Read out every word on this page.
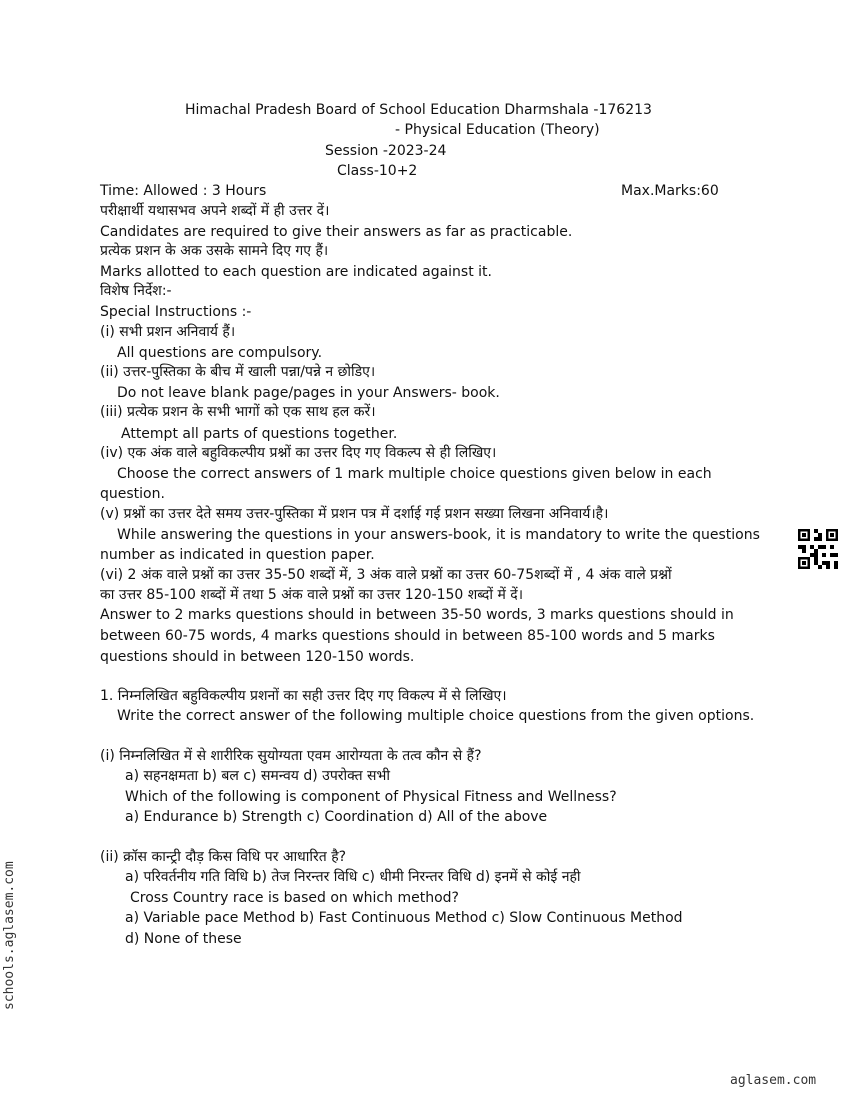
Himachal Pradesh Board of School Education Dharmshala -176213
- Physical Education (Theory)
Session -2023-24
Class-10+2
Time: Allowed : 3 Hours	Max.Marks:60
परीक्षार्थी यथासभव अपने शब्दों में ही उत्तर दें।
Candidates are required to give their answers as far as practicable.
प्रत्येक प्रशन के अक उसके सामने दिए गए हैं।
Marks allotted to each question are indicated against it.
विशेष निर्देश:-
Special Instructions :-
(i) सभी प्रशन अनिवार्य हैं।
All questions are compulsory.
(ii) उत्तर-पुस्तिका के बीच में खाली पन्ना/पन्ने न छोडिए।
Do not leave blank page/pages in your Answers- book.
(iii) प्रत्येक प्रशन के सभी भागों को एक साथ हल करें।
Attempt all parts of questions together.
(iv) एक अंक वाले बहुविकल्पीय प्रश्नों का उत्तर दिए गए विकल्प से ही लिखिए।
Choose the correct answers of 1 mark multiple choice questions given below in each
question.
(v) प्रश्नों का उत्तर देते समय उत्तर-पुस्तिका में प्रशन पत्र में दर्शाई गई प्रशन सख्या लिखना अनिवार्य।है।
While answering the questions in your answers-book, it is mandatory to write the questions
number as indicated in question paper.
(vi) 2 अंक वाले प्रश्नों का उत्तर 35-50 शब्दों में, 3 अंक वाले प्रश्नों का उत्तर 60-75शब्दों में , 4 अंक वाले प्रश्नों
का उत्तर 85-100 शब्दों में तथा 5 अंक वाले प्रश्नों का उत्तर 120-150 शब्दों में दें।
Answer to 2 marks questions should in between 35-50 words, 3 marks questions should in
between 60-75 words, 4 marks questions should in between 85-100 words and 5 marks
questions should in between 120-150 words.
1. निम्नलिखित बहुविकल्पीय प्रशनों का सही उत्तर दिए गए विकल्प में से लिखिए।
Write the correct answer of the following multiple choice questions from the given options.
(i) निम्नलिखित में से शारीरिक सुयोग्यता एवम आरोग्यता के तत्व कौन से हैं?
a) सहनक्षमता b) बल c) समन्वय d) उपरोक्त सभी
Which of the following is component of Physical Fitness and Wellness?
a) Endurance b) Strength c) Coordination d) All of the above
(ii) क्रॉस कान्ट्री दौड़ किस विधि पर आधारित है?
a) परिवर्तनीय गति विधि b) तेज निरन्तर विधि c) धीमी निरन्तर विधि d) इनमें से कोई नही
Cross Country race is based on which method?
a) Variable pace Method b) Fast Continuous Method c) Slow Continuous Method
d) None of these
schools.aglasem.com
aglasem.com
